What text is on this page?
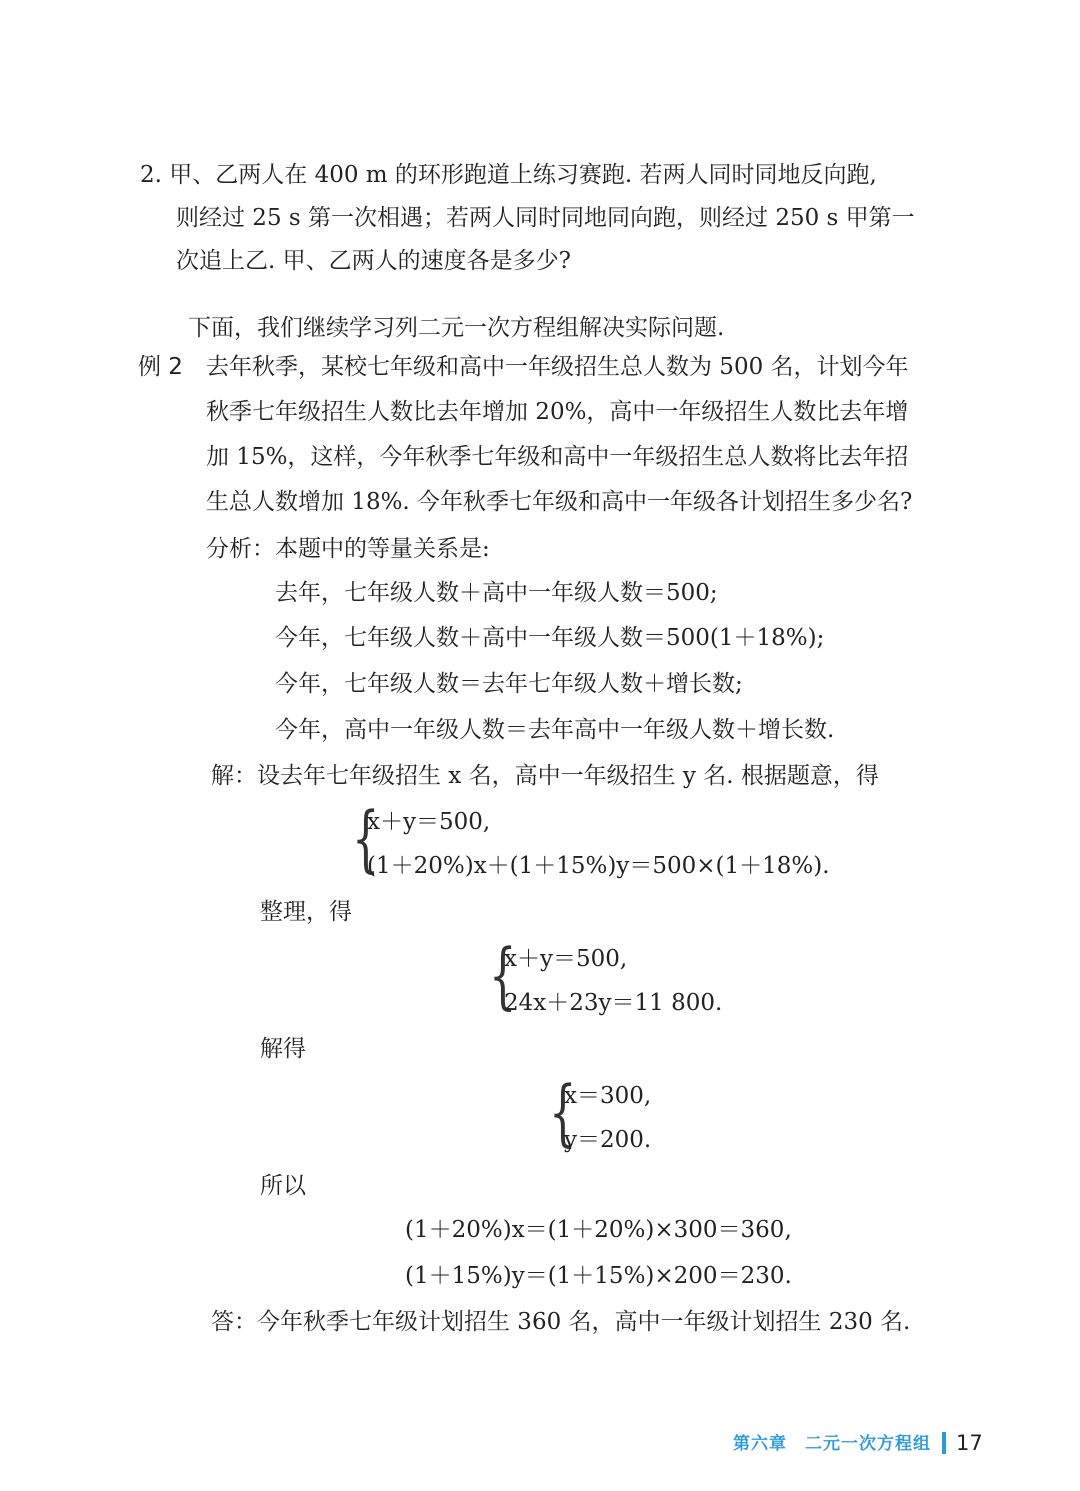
2. 甲、乙两人在 400 m 的环形跑道上练习赛跑. 若两人同时同地反向跑,
则经过 25 s 第一次相遇；若两人同时同地同向跑，则经过 250 s 甲第一
次追上乙. 甲、乙两人的速度各是多少?
下面，我们继续学习列二元一次方程组解决实际问题.
例 2 去年秋季，某校七年级和高中一年级招生总人数为 500 名，计划今年
秋季七年级招生人数比去年增加 20%，高中一年级招生人数比去年增
加 15%，这样，今年秋季七年级和高中一年级招生总人数将比去年招
生总人数增加 18%. 今年秋季七年级和高中一年级各计划招生多少名?
分析：本题中的等量关系是:
去年，七年级人数＋高中一年级人数＝500;
今年，七年级人数＋高中一年级人数＝500(1＋18%);
今年，七年级人数＝去年七年级人数＋增长数;
今年，高中一年级人数＝去年高中一年级人数＋增长数.
解：设去年七年级招生 x 名，高中一年级招生 y 名. 根据题意，得
{
x＋y＝500,
(1＋20%)x＋(1＋15%)y＝500×(1＋18%).
整理，得
{
x＋y＝500,
24x＋23y＝11 800.
解得
{
x＝300,
y＝200.
所以
(1＋20%)x＝(1＋20%)×300＝360,
(1＋15%)y＝(1＋15%)×200＝230.
答：今年秋季七年级计划招生 360 名，高中一年级计划招生 230 名.
第六章　二元一次方程组 17
